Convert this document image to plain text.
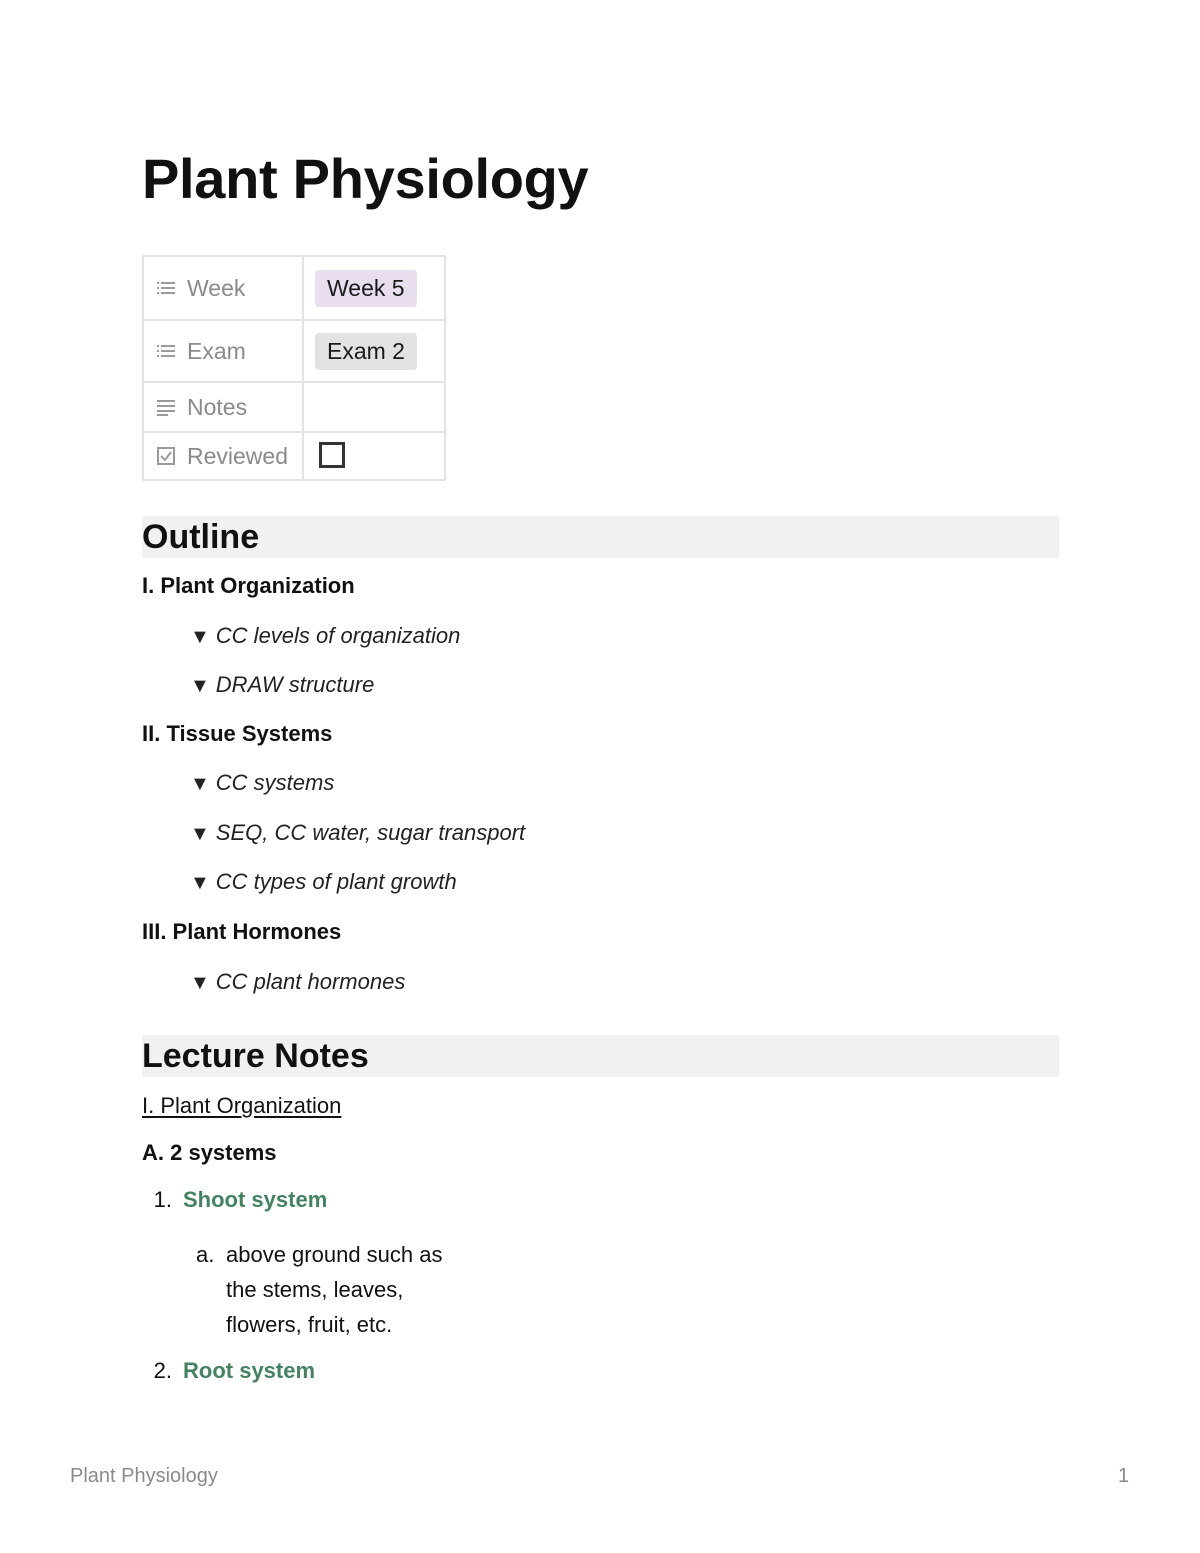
Plant Physiology
Week	Week 5

Exam	Exam 2

Notes	

Reviewed	

Outline

I. Plant Organization

▼ CC levels of organization

▼ DRAW structure

II. Tissue Systems

▼ CC systems

▼ SEQ, CC water, sugar transport

▼ CC types of plant growth

III. Plant Hormones

▼ CC plant hormones

Lecture Notes

I. Plant Organization

A. 2 systems

1. Shoot system

a. above ground such as the stems, leaves, flowers, fruit, etc.

2. Root system

Plant Physiology	1
